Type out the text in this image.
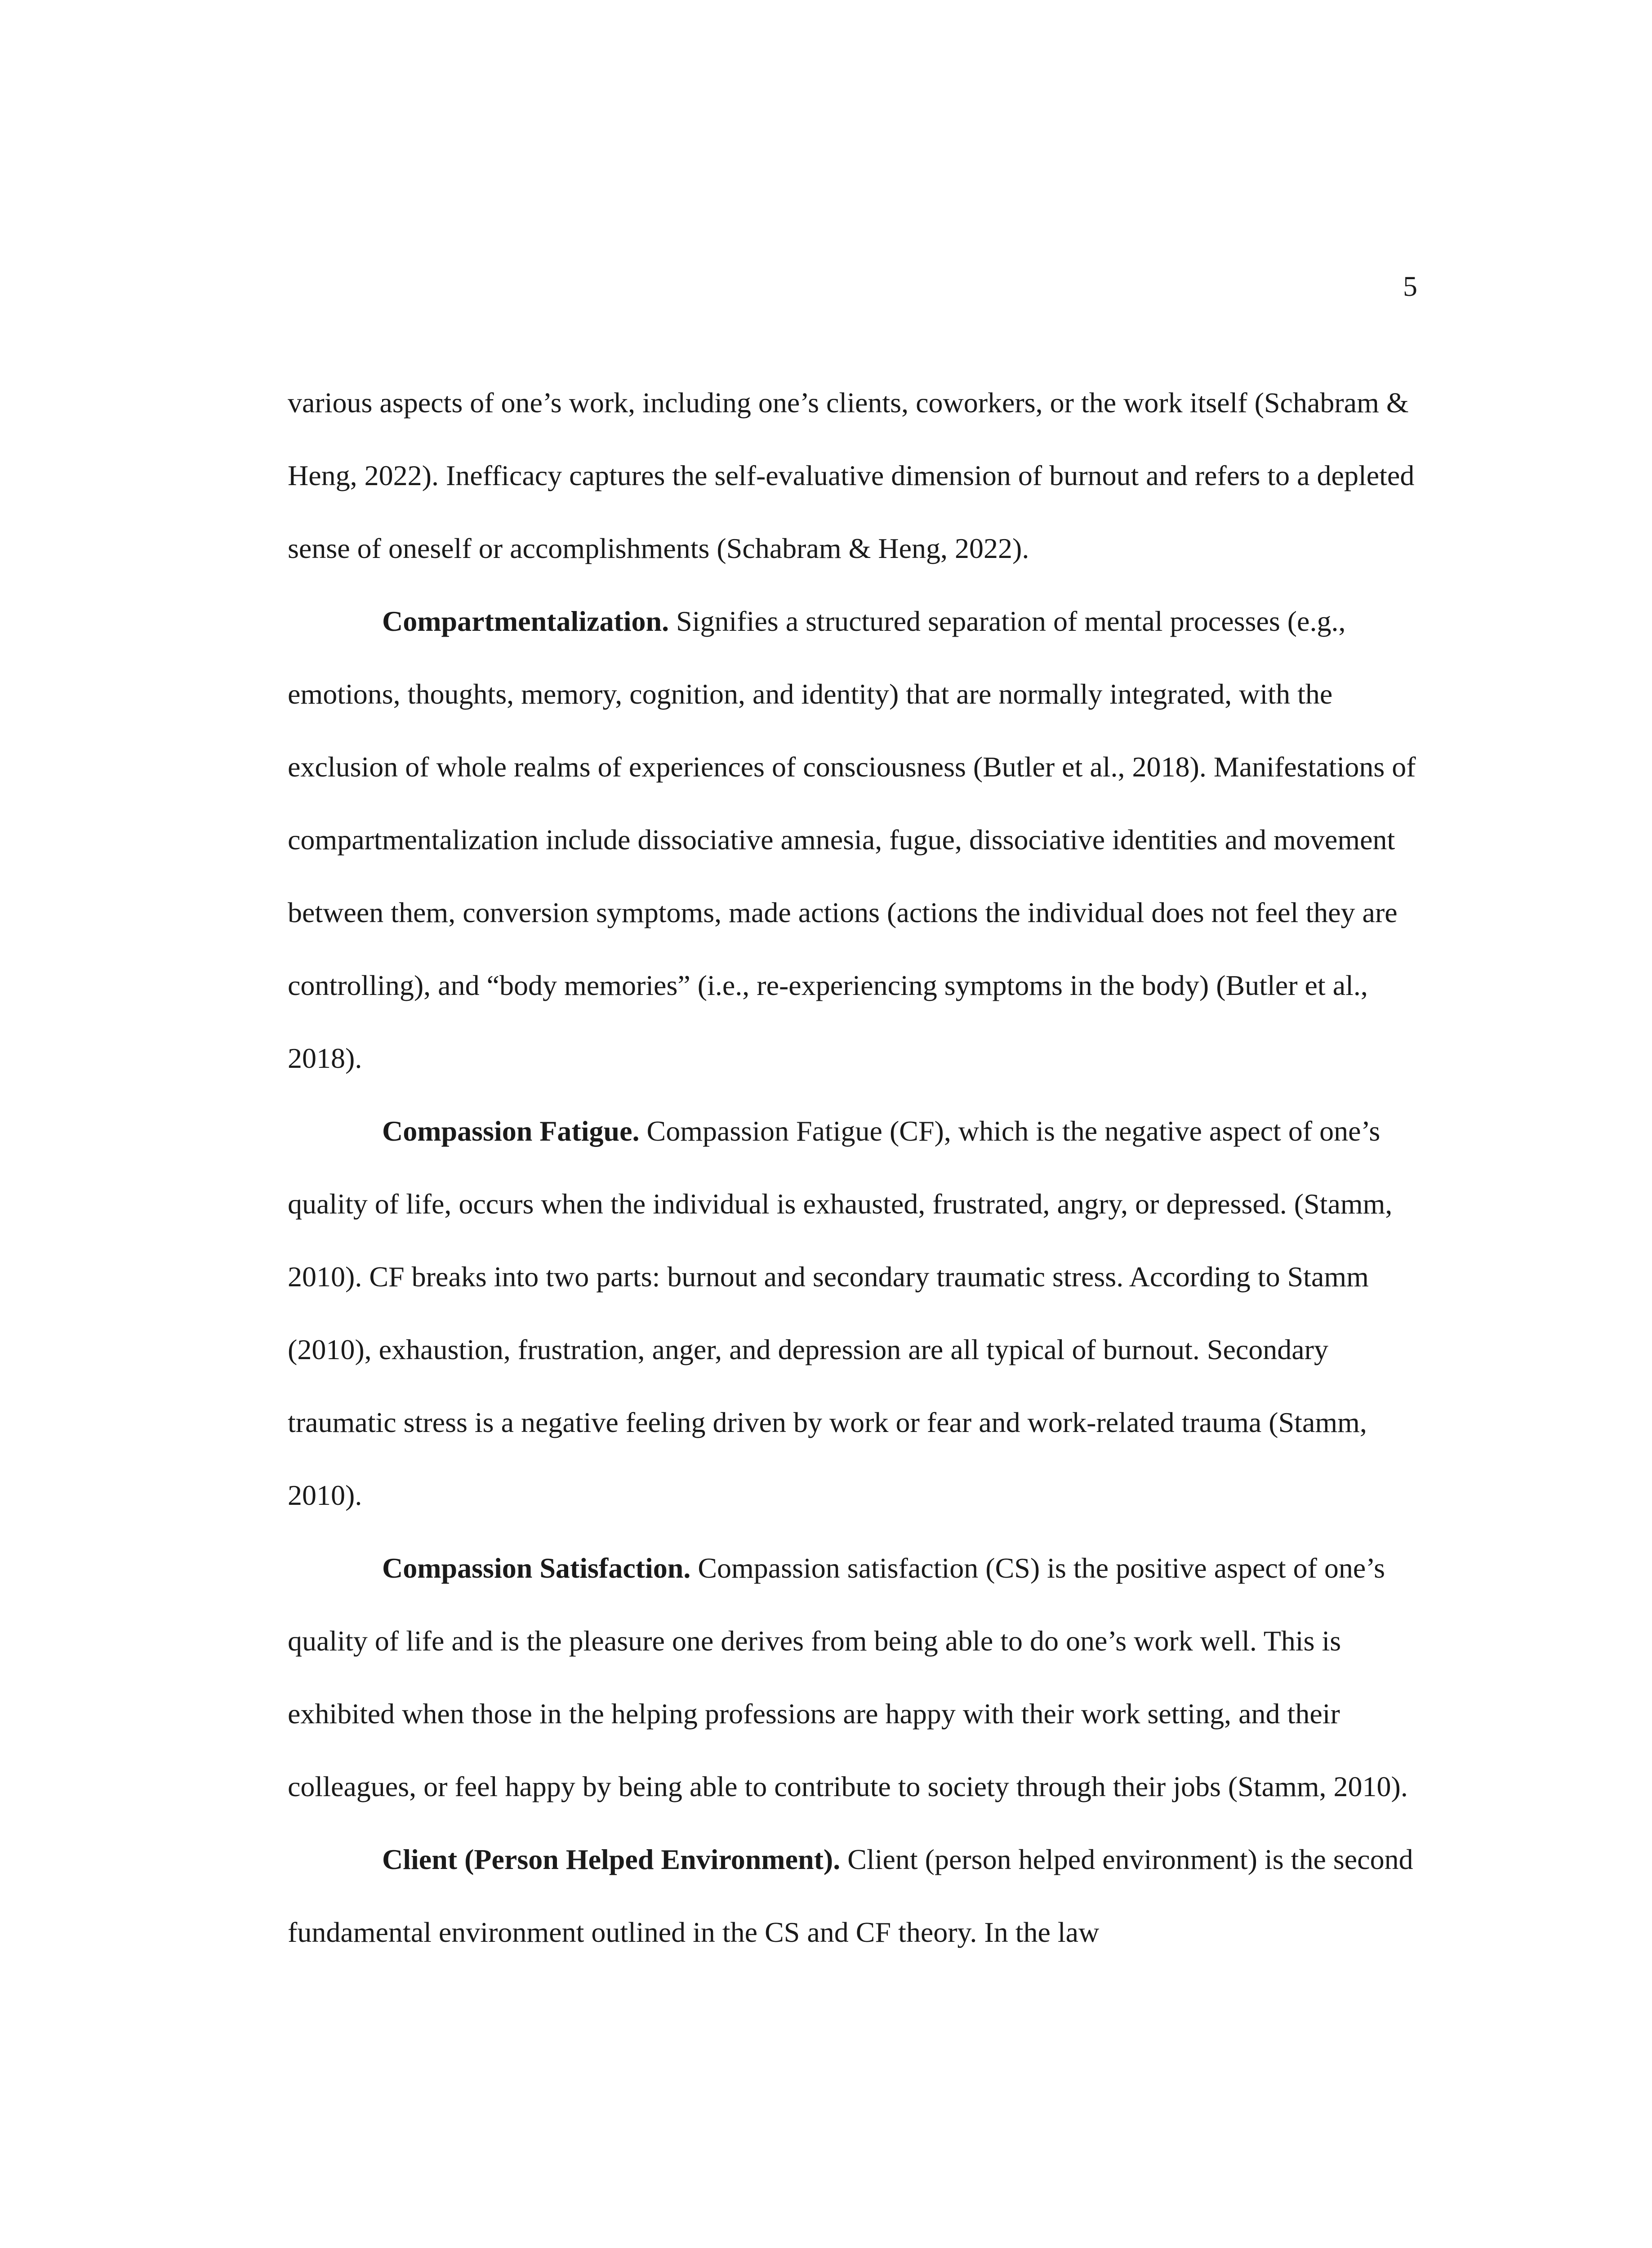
5

various aspects of one’s work, including one’s clients, coworkers, or the work itself (Schabram & Heng, 2022). Inefficacy captures the self-evaluative dimension of burnout and refers to a depleted sense of oneself or accomplishments (Schabram & Heng, 2022).

Compartmentalization. Signifies a structured separation of mental processes (e.g., emotions, thoughts, memory, cognition, and identity) that are normally integrated, with the exclusion of whole realms of experiences of consciousness (Butler et al., 2018). Manifestations of compartmentalization include dissociative amnesia, fugue, dissociative identities and movement between them, conversion symptoms, made actions (actions the individual does not feel they are controlling), and “body memories” (i.e., re-experiencing symptoms in the body) (Butler et al., 2018).

Compassion Fatigue. Compassion Fatigue (CF), which is the negative aspect of one’s quality of life, occurs when the individual is exhausted, frustrated, angry, or depressed. (Stamm, 2010). CF breaks into two parts: burnout and secondary traumatic stress. According to Stamm (2010), exhaustion, frustration, anger, and depression are all typical of burnout. Secondary traumatic stress is a negative feeling driven by work or fear and work-related trauma (Stamm, 2010).

Compassion Satisfaction. Compassion satisfaction (CS) is the positive aspect of one’s quality of life and is the pleasure one derives from being able to do one’s work well. This is exhibited when those in the helping professions are happy with their work setting, and their colleagues, or feel happy by being able to contribute to society through their jobs (Stamm, 2010).

Client (Person Helped Environment). Client (person helped environment) is the second fundamental environment outlined in the CS and CF theory. In the law
